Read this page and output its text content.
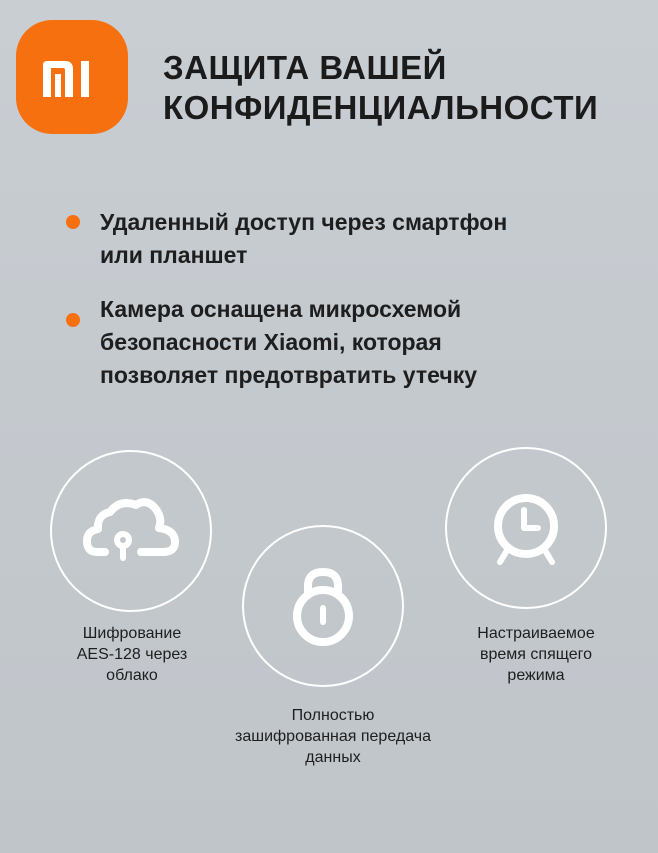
ЗАЩИТА ВАШЕЙ
КОНФИДЕНЦИАЛЬНОСТИ
Удаленный доступ через смартфон
или планшет
Камера оснащена микросхемой
безопасности Xiaomi, которая
позволяет предотвратить утечку
Шифрование
AES-128 через
облако
Полностью
зашифрованная передача
данных
Настраиваемое
время спящего
режима
